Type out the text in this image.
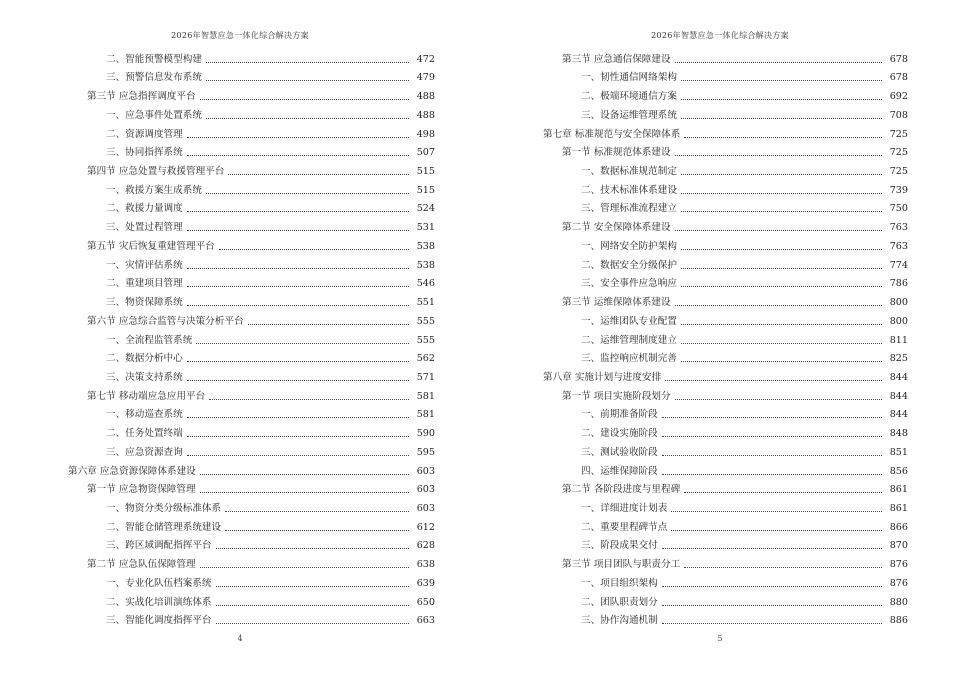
2026年智慧应急一体化综合解决方案
二、智能预警模型构建	472
三、预警信息发布系统	479
第三节 应急指挥调度平台	488
一、应急事件处置系统	488
二、资源调度管理	498
三、协同指挥系统	507
第四节 应急处置与救援管理平台	515
一、救援方案生成系统	515
二、救援力量调度	524
三、处置过程管理	531
第五节 灾后恢复重建管理平台	538
一、灾情评估系统	538
二、重建项目管理	546
三、物资保障系统	551
第六节 应急综合监管与决策分析平台	555
一、全流程监管系统	555
二、数据分析中心	562
三、决策支持系统	571
第七节 移动端应急应用平台	581
一、移动巡查系统	581
二、任务处置终端	590
三、应急资源查询	595
第六章 应急资源保障体系建设	603
第一节 应急物资保障管理	603
一、物资分类分级标准体系	603
二、智能仓储管理系统建设	612
三、跨区域调配指挥平台	628
第二节 应急队伍保障管理	638
一、专业化队伍档案系统	639
二、实战化培训演练体系	650
三、智能化调度指挥平台	663
4
2026年智慧应急一体化综合解决方案
第三节 应急通信保障建设	678
一、韧性通信网络架构	678
二、极端环境通信方案	692
三、设备运维管理系统	708
第七章 标准规范与安全保障体系	725
第一节 标准规范体系建设	725
一、数据标准规范制定	725
二、技术标准体系建设	739
三、管理标准流程建立	750
第二节 安全保障体系建设	763
一、网络安全防护架构	763
二、数据安全分级保护	774
三、安全事件应急响应	786
第三节 运维保障体系建设	800
一、运维团队专业配置	800
二、运维管理制度建立	811
三、监控响应机制完善	825
第八章 实施计划与进度安排	844
第一节 项目实施阶段划分	844
一、前期准备阶段	844
二、建设实施阶段	848
三、测试验收阶段	851
四、运维保障阶段	856
第二节 各阶段进度与里程碑	861
一、详细进度计划表	861
二、重要里程碑节点	866
三、阶段成果交付	870
第三节 项目团队与职责分工	876
一、项目组织架构	876
二、团队职责划分	880
三、协作沟通机制	886
5
